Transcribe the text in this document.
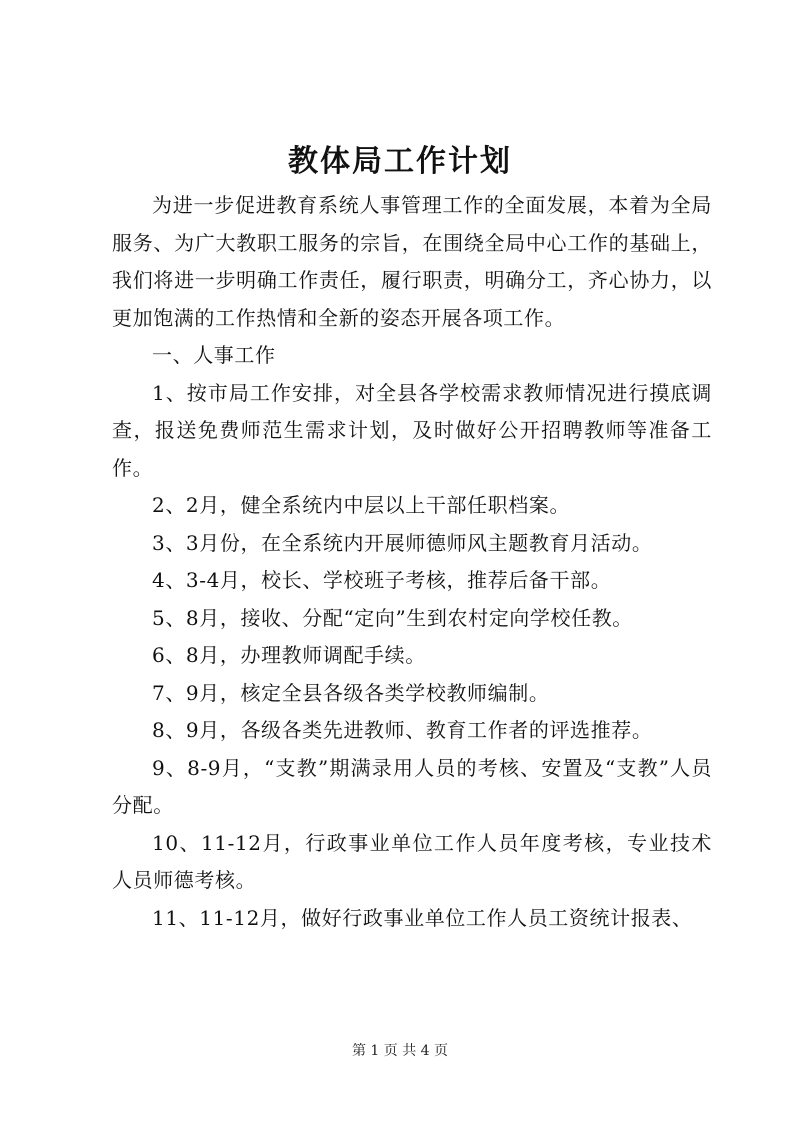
教体局工作计划

为进一步促进教育系统人事管理工作的全面发展，本着为全局服务、为广大教职工服务的宗旨，在围绕全局中心工作的基础上，我们将进一步明确工作责任，履行职责，明确分工，齐心协力，以更加饱满的工作热情和全新的姿态开展各项工作。

一、人事工作

1、按市局工作安排，对全县各学校需求教师情况进行摸底调查，报送免费师范生需求计划，及时做好公开招聘教师等准备工作。

2、2月，健全系统内中层以上干部任职档案。

3、3月份，在全系统内开展师德师风主题教育月活动。

4、3-4月，校长、学校班子考核，推荐后备干部。

5、8月，接收、分配“定向”生到农村定向学校任教。

6、8月，办理教师调配手续。

7、9月，核定全县各级各类学校教师编制。

8、9月，各级各类先进教师、教育工作者的评选推荐。

9、8-9月，“支教”期满录用人员的考核、安置及“支教”人员分配。

10、11-12月，行政事业单位工作人员年度考核，专业技术人员师德考核。

11、11-12月，做好行政事业单位工作人员工资统计报表、

第 1 页 共 4 页
